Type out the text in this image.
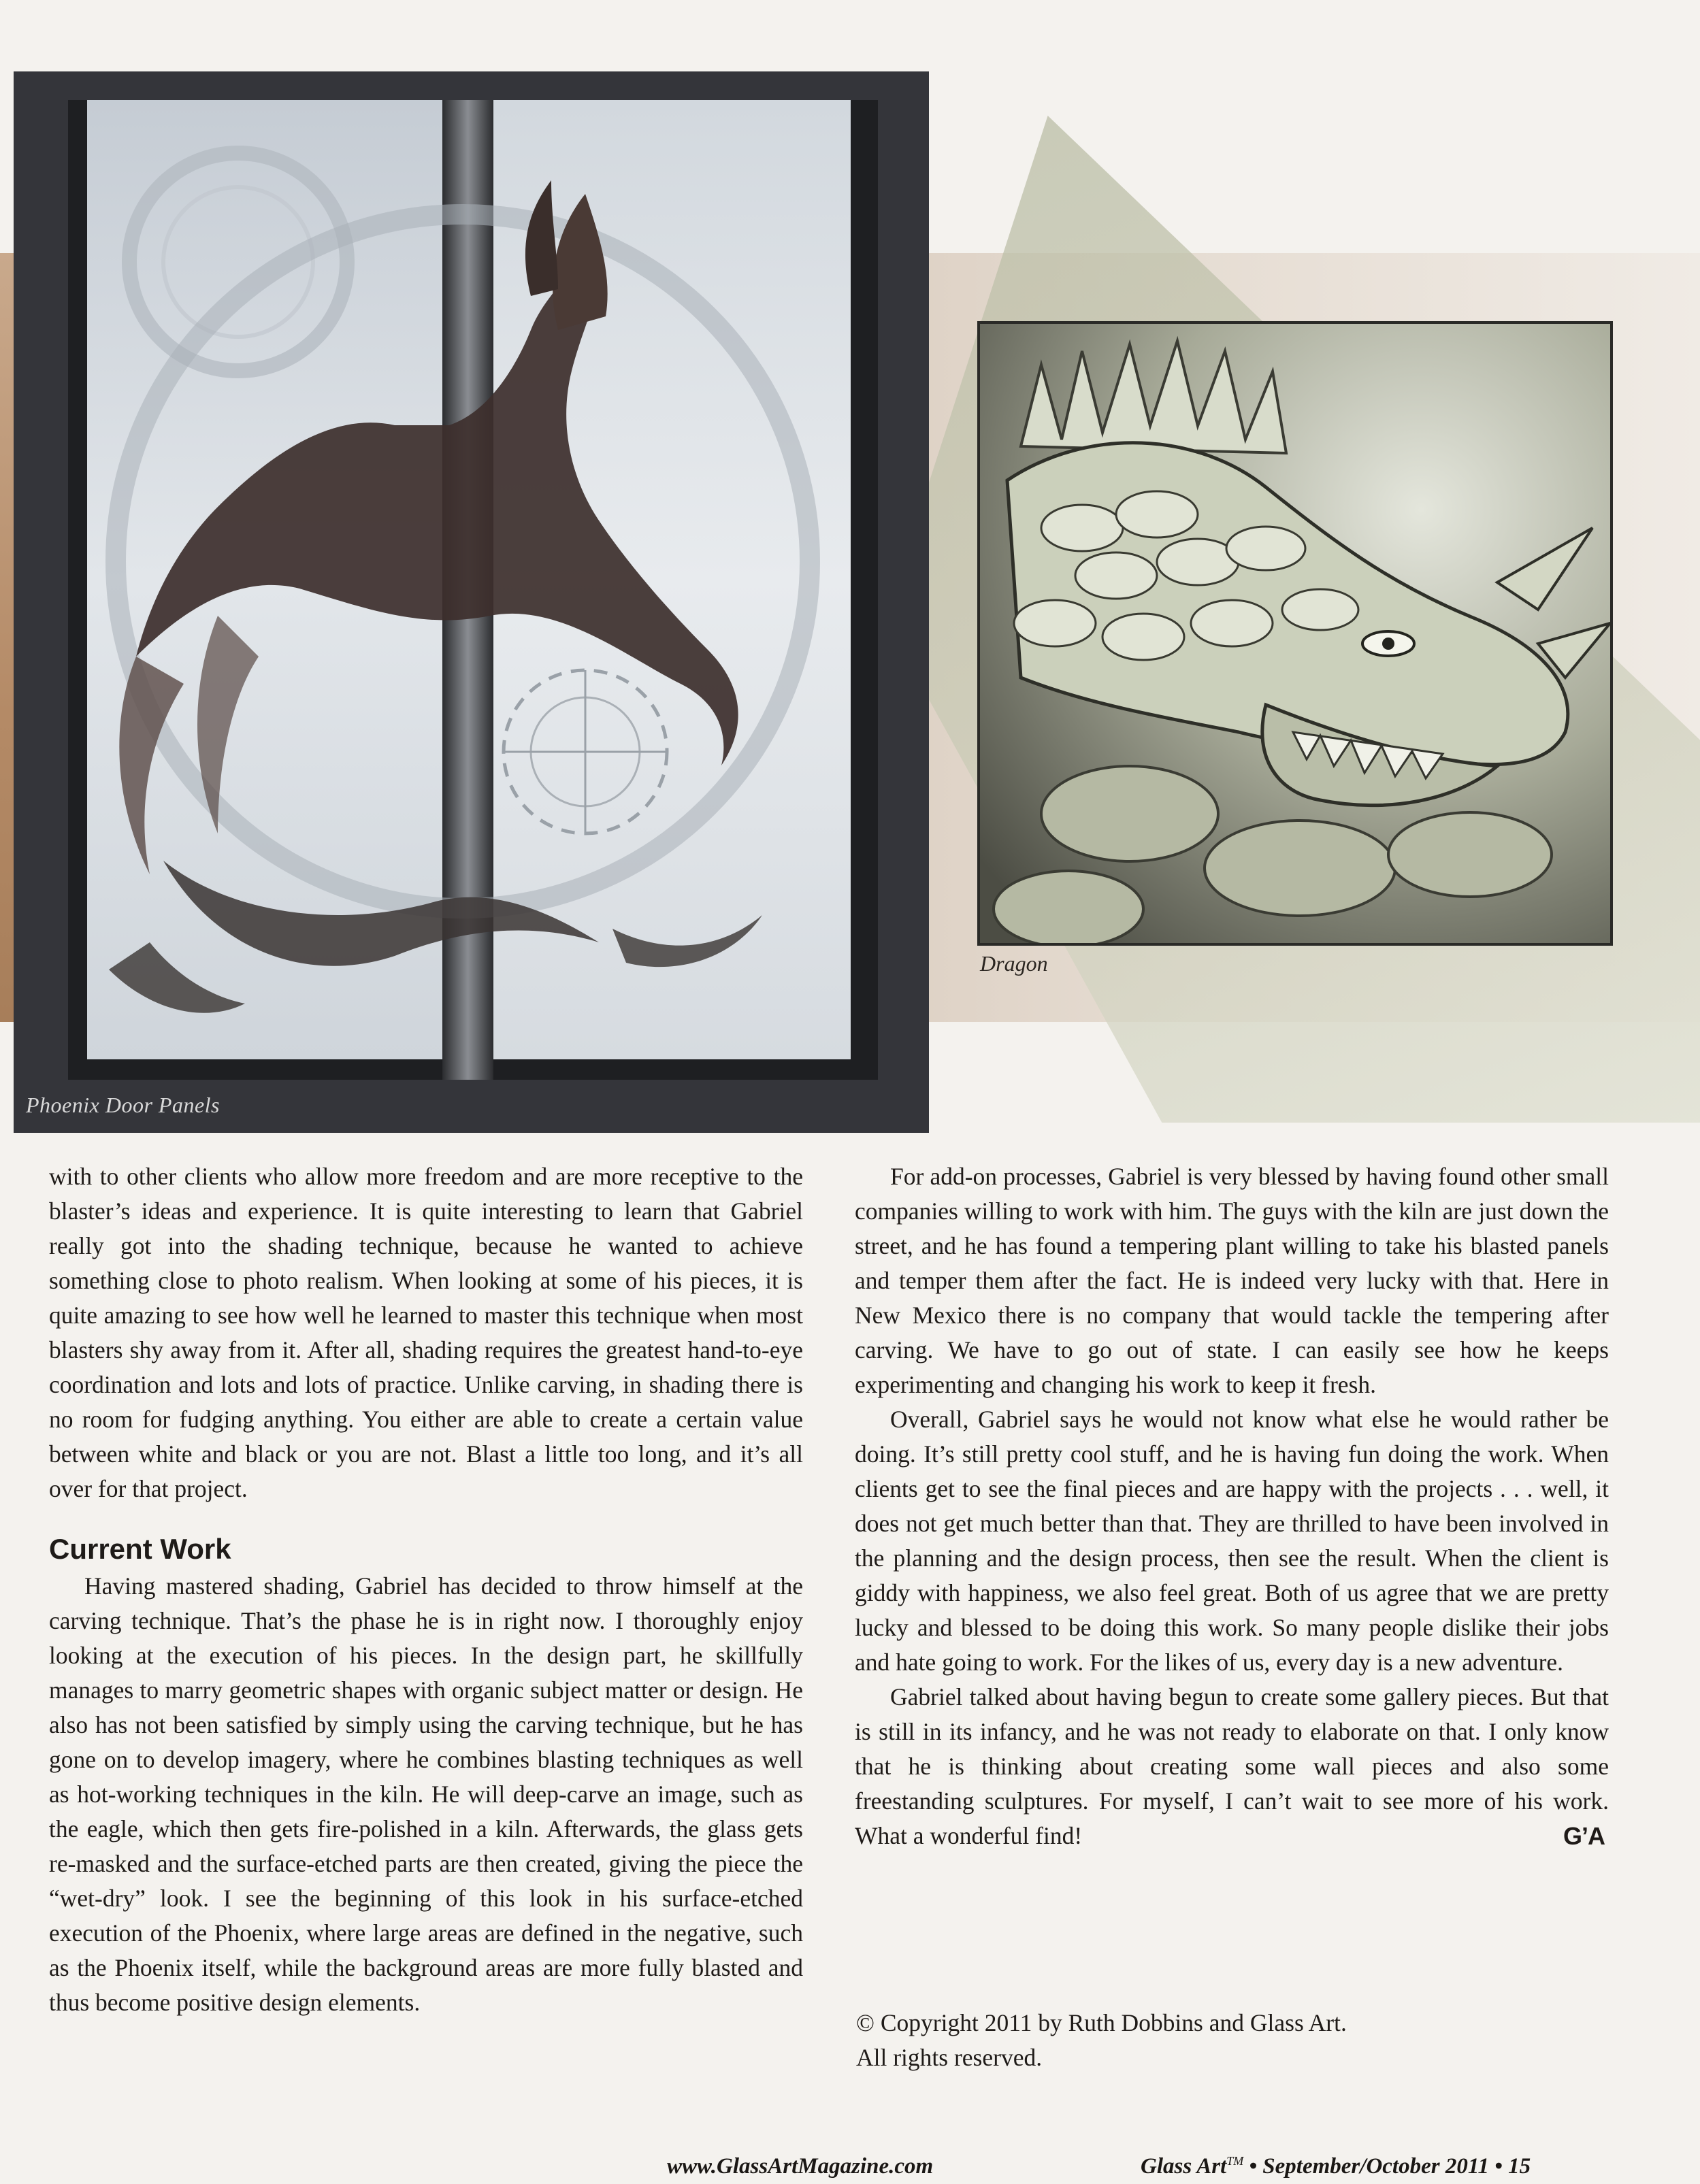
Phoenix Door Panels
Dragon

with to other clients who allow more freedom and are more receptive to the blaster’s ideas and experience. It is quite interesting to learn that Gabriel really got into the shading technique, because he wanted to achieve something close to photo realism. When looking at some of his pieces, it is quite amazing to see how well he learned to master this technique when most blasters shy away from it. After all, shading requires the greatest hand-to-eye coordination and lots and lots of practice. Unlike carving, in shading there is no room for fudging anything. You either are able to create a certain value between white and black or you are not. Blast a little too long, and it’s all over for that project.

Current Work

Having mastered shading, Gabriel has decided to throw himself at the carving technique. That’s the phase he is in right now. I thoroughly enjoy looking at the execution of his pieces. In the design part, he skillfully manages to marry geometric shapes with organic subject matter or design. He also has not been satisfied by simply using the carving technique, but he has gone on to develop imagery, where he combines blasting techniques as well as hot-working techniques in the kiln. He will deep-carve an image, such as the eagle, which then gets fire-polished in a kiln. Afterwards, the glass gets re-masked and the surface-etched parts are then created, giving the piece the “wet-dry” look. I see the beginning of this look in his surface-etched execution of the Phoenix, where large areas are defined in the negative, such as the Phoenix itself, while the background areas are more fully blasted and thus become positive design elements.

For add-on processes, Gabriel is very blessed by having found other small companies willing to work with him. The guys with the kiln are just down the street, and he has found a tempering plant willing to take his blasted panels and temper them after the fact. He is indeed very lucky with that. Here in New Mexico there is no company that would tackle the tempering after carving. We have to go out of state. I can easily see how he keeps experimenting and changing his work to keep it fresh.

Overall, Gabriel says he would not know what else he would rather be doing. It’s still pretty cool stuff, and he is having fun doing the work. When clients get to see the final pieces and are happy with the projects . . . well, it does not get much better than that. They are thrilled to have been involved in the planning and the design process, then see the result. When the client is giddy with happiness, we also feel great. Both of us agree that we are pretty lucky and blessed to be doing this work. So many people dislike their jobs and hate going to work. For the likes of us, every day is a new adventure.

Gabriel talked about having begun to create some gallery pieces. But that is still in its infancy, and he was not ready to elaborate on that. I only know that he is thinking about creating some wall pieces and also some freestanding sculptures. For myself, I can’t wait to see more of his work. What a wonderful find!	G’A

© Copyright 2011 by Ruth Dobbins and Glass Art.
All rights reserved.
www.GlassArtMagazine.com	Glass Art™ • September/October 2011 • 15
